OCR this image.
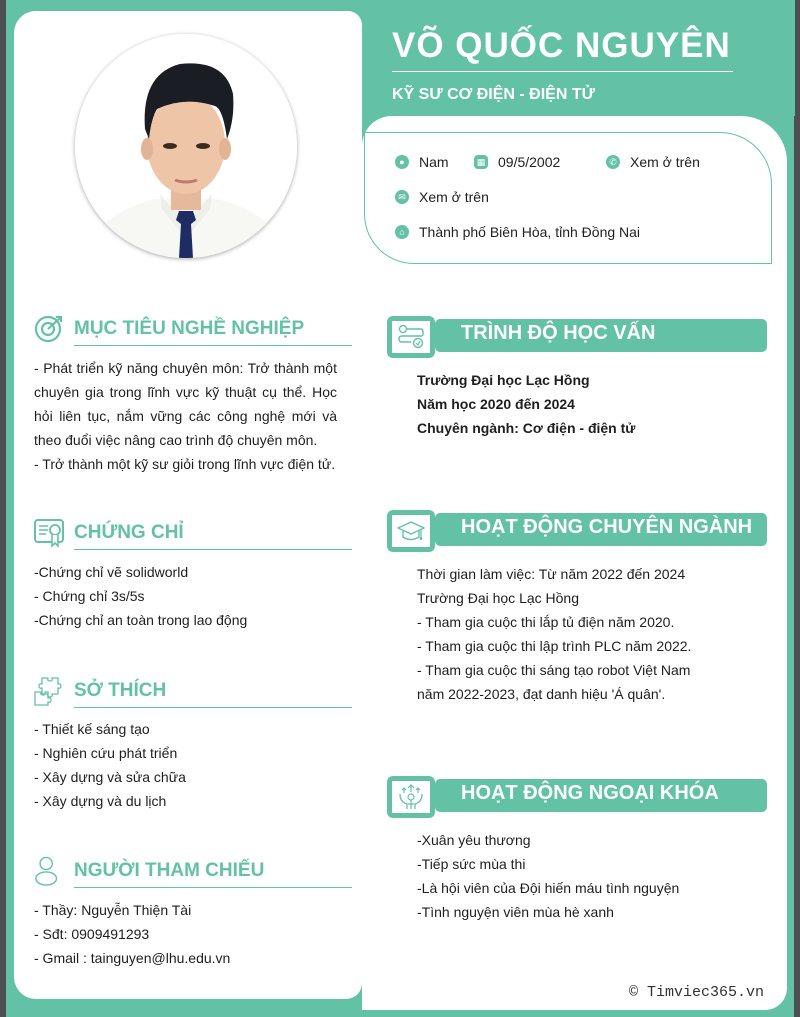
VÕ QUỐC NGUYÊN
KỸ SƯ CƠ ĐIỆN - ĐIỆN TỬ
●	Nam	▦ 09/5/2002	✆ Xem ở trên
✉ Xem ở trên
⌂	Thành phố Biên Hòa, tỉnh Đồng Nai
MỤC TIÊU NGHỀ NGHIỆP
- Phát triển kỹ năng chuyên môn: Trở thành một chuyên gia trong lĩnh vực kỹ thuật cụ thể. Học hỏi liên tục, nắm vững các công nghệ mới và theo đuổi việc nâng cao trình độ chuyên môn.
- Trở thành một kỹ sư giỏi trong lĩnh vực điện tử.
CHỨNG CHỈ
-Chứng chỉ vẽ solidworld
- Chứng chỉ 3s/5s
-Chứng chỉ an toàn trong lao động
SỞ THÍCH
- Thiết kế sáng tạo
- Nghiên cứu phát triển
- Xây dựng và sửa chữa
- Xây dựng và du lịch
NGƯỜI THAM CHIẾU
- Thầy: Nguyễn Thiện Tài
- Sđt: 0909491293
- Gmail : tainguyen@lhu.edu.vn
TRÌNH ĐỘ HỌC VẤN
Trường Đại học Lạc Hồng
Năm học 2020 đến 2024
Chuyên ngành: Cơ điện - điện tử
HOẠT ĐỘNG CHUYÊN NGÀNH
Thời gian làm việc: Từ năm 2022 đến 2024
Trường Đại học Lạc Hồng
- Tham gia cuộc thi lắp tủ điện năm 2020.
- Tham gia cuộc thi lập trình PLC năm 2022.
- Tham gia cuộc thi sáng tạo robot Việt Nam
năm 2022-2023, đạt danh hiệu 'Á quân'.
HOẠT ĐỘNG NGOẠI KHÓA
-Xuân yêu thương
-Tiếp sức mùa thi
-Là hội viên của Đội hiến máu tình nguyện
-Tình nguyện viên mùa hè xanh
© Timviec365.vn
